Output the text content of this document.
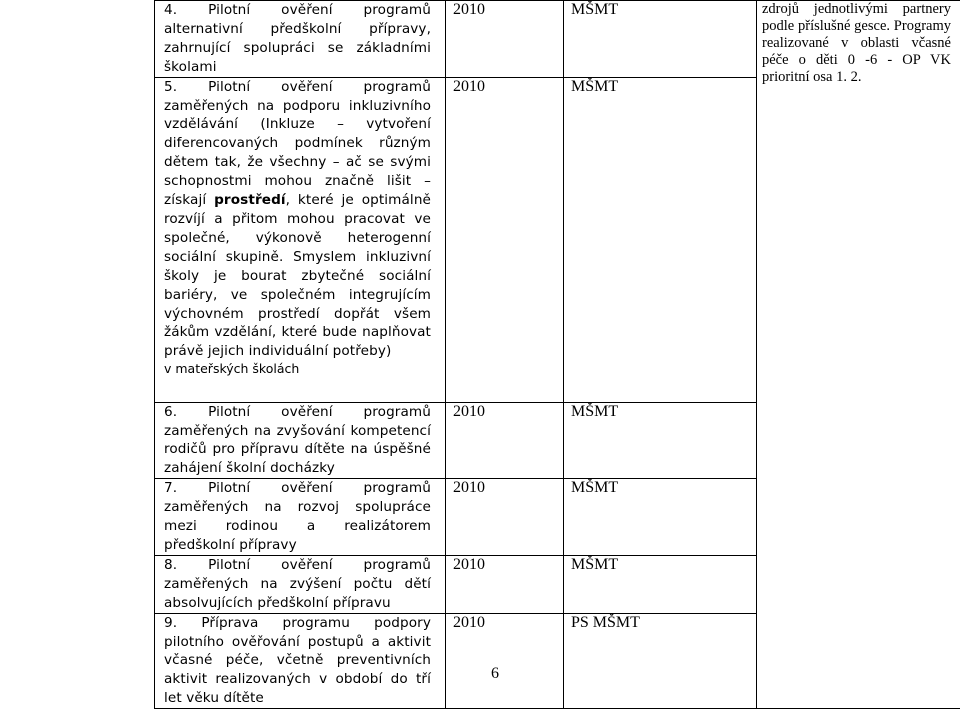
4. Pilotní ověření programů alternativní předškolní přípravy, zahrnující spolupráci se základními školami	2010	MŠMT	zdrojů jednotlivými partnery podle příslušné gesce. Programy realizované v oblasti včasné péče o děti 0 -6 - OP VK prioritní osa 1. 2.

5. Pilotní ověření programů zaměřených na podporu inkluzivního vzdělávání (Inkluze – vytvoření diferencovaných podmínek různým dětem tak, že všechny – ač se svými schopnostmi mohou značně lišit – získají prostředí, které je optimálně rozvíjí a přitom mohou pracovat ve společné, výkonově heterogenní sociální skupině. Smyslem inkluzivní školy je bourat zbytečné sociální bariéry, ve společném integrujícím výchovném prostředí dopřát všem žákům vzdělání, které bude naplňovat právě jejich individuální potřeby)
v mateřských školách	2010	MŠMT	

6. Pilotní ověření programů zaměřených na zvyšování kompetencí rodičů pro přípravu dítěte na úspěšné zahájení školní docházky	2010	MŠMT	

7. Pilotní ověření programů zaměřených na rozvoj spolupráce mezi rodinou a realizátorem předškolní přípravy	2010	MŠMT	

8. Pilotní ověření programů zaměřených na zvýšení počtu dětí absolvujících předškolní přípravu	2010	MŠMT	

9. Příprava programu podpory pilotního ověřování postupů a aktivit včasné péče, včetně preventivních aktivit realizovaných v období do tří let věku dítěte	2010	PS MŠMT	
6
